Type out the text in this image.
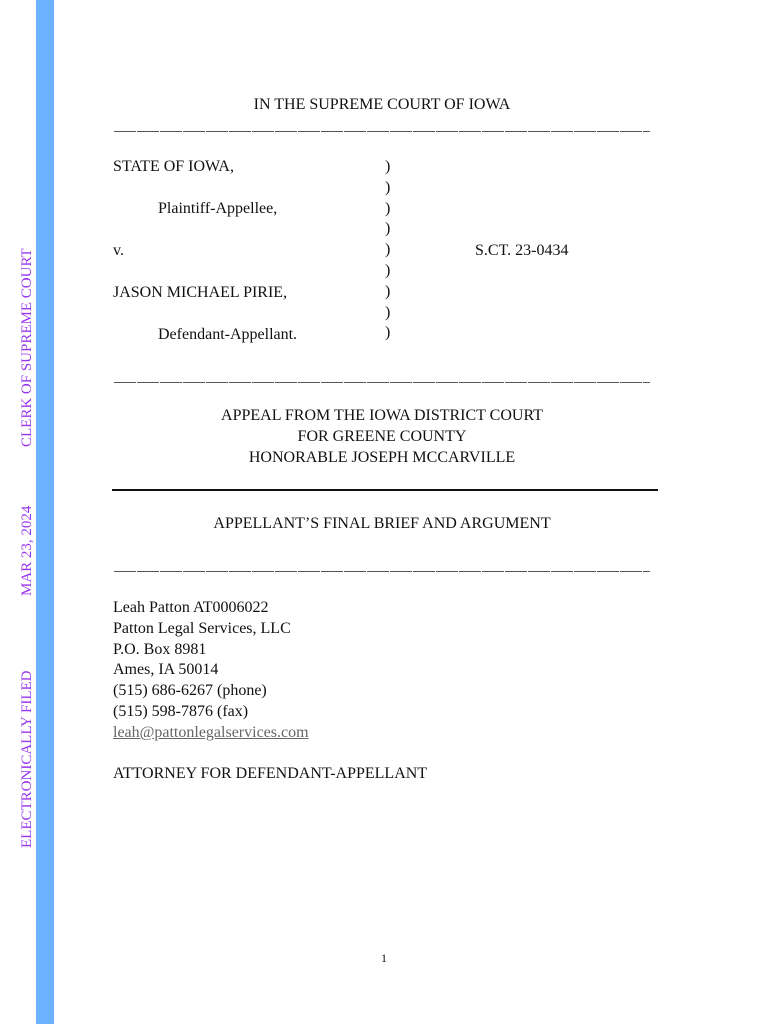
CLERK OF SUPREME COURT
MAR 23, 2024
ELECTRONICALLY FILED
IN THE SUPREME COURT OF IOWA
STATE OF IOWA,
Plaintiff-Appellee,
v.
JASON MICHAEL PIRIE,
Defendant-Appellant.
)
)
)
)
)
)
)
)
)
S.CT. 23-0434
APPEAL FROM THE IOWA DISTRICT COURT
FOR GREENE COUNTY
HONORABLE JOSEPH MCCARVILLE
APPELLANT’S FINAL BRIEF AND ARGUMENT
Leah Patton AT0006022
Patton Legal Services, LLC
P.O. Box 8981
Ames, IA 50014
(515) 686-6267 (phone)
(515) 598-7876 (fax)
leah@pattonlegalservices.com
ATTORNEY FOR DEFENDANT-APPELLANT
1
